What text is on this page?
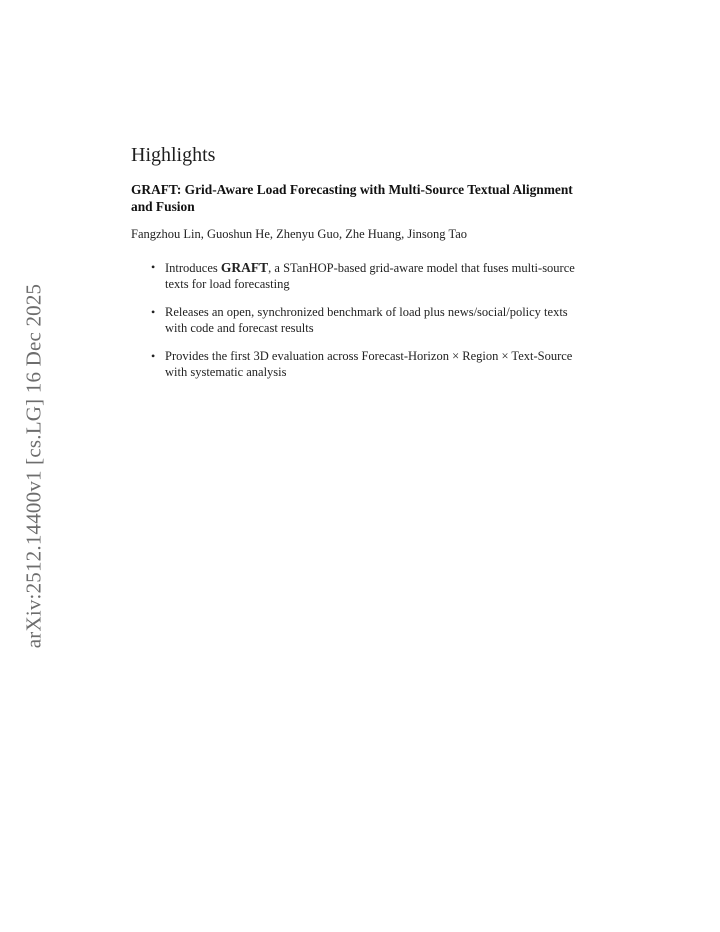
arXiv:2512.14400v1 [cs.LG] 16 Dec 2025
Highlights
GRAFT: Grid-Aware Load Forecasting with Multi-Source Textual Alignment and Fusion
Fangzhou Lin, Guoshun He, Zhenyu Guo, Zhe Huang, Jinsong Tao
• Introduces GRAFT, a STanHOP-based grid-aware model that fuses multi-source texts for load forecasting
• Releases an open, synchronized benchmark of load plus news/social/policy texts with code and forecast results
• Provides the first 3D evaluation across Forecast-Horizon × Region × Text-Source with systematic analysis
